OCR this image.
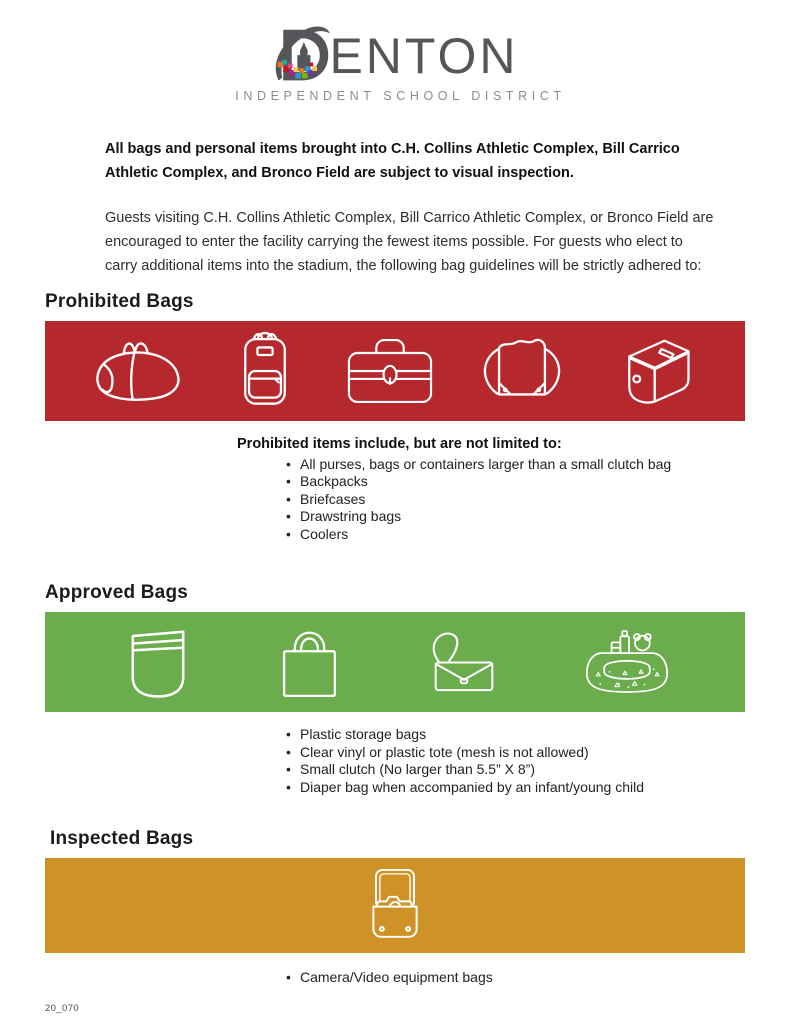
ENTON
INDEPENDENT SCHOOL DISTRICT

All bags and personal items brought into C.H. Collins Athletic Complex, Bill Carrico Athletic Complex, and Bronco Field are subject to visual inspection.

Guests visiting C.H. Collins Athletic Complex, Bill Carrico Athletic Complex, or Bronco Field are encouraged to enter the facility carrying the fewest items possible. For guests who elect to carry additional items into the stadium, the following bag guidelines will be strictly adhered to:

Prohibited Bags

Prohibited items include, but are not limited to:

• All purses, bags or containers larger than a small clutch bag
• Backpacks
• Briefcases
• Drawstring bags
• Coolers
Approved Bags
• Plastic storage bags
• Clear vinyl or plastic tote (mesh is not allowed)
• Small clutch (No larger than 5.5” X 8”)
• Diaper bag when accompanied by an infant/young child
Inspected Bags
• Camera/Video equipment bags
20_070
